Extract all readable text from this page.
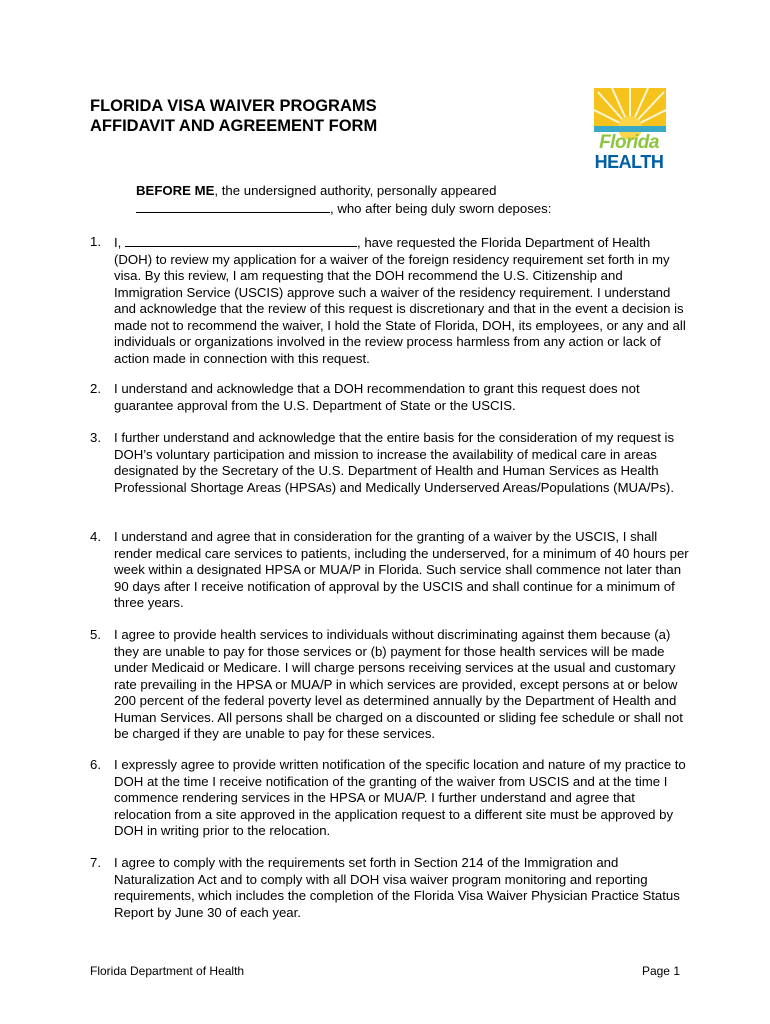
FLORIDA VISA WAIVER PROGRAMS
AFFIDAVIT AND AGREEMENT FORM
Florida
HEALTH
BEFORE ME, the undersigned authority, personally appeared
, who after being duly sworn deposes:
1. I,	, have requested the Florida Department of Health (DOH) to review my application for a waiver of the foreign residency requirement set forth in my visa. By this review, I am requesting that the DOH recommend the U.S. Citizenship and Immigration Service (USCIS) approve such a waiver of the residency requirement. I understand and acknowledge that the review of this request is discretionary and that in the event a decision is made not to recommend the waiver, I hold the State of Florida, DOH, its employees, or any and all individuals or organizations involved in the review process harmless from any action or lack of action made in connection with this request.
2. I understand and acknowledge that a DOH recommendation to grant this request does not guarantee approval from the U.S. Department of State or the USCIS.
3. I further understand and acknowledge that the entire basis for the consideration of my request is DOH’s voluntary participation and mission to increase the availability of medical care in areas designated by the Secretary of the U.S. Department of Health and Human Services as Health Professional Shortage Areas (HPSAs) and Medically Underserved Areas/Populations (MUA/Ps).
4. I understand and agree that in consideration for the granting of a waiver by the USCIS, I shall render medical care services to patients, including the underserved, for a minimum of 40 hours per week within a designated HPSA or MUA/P in Florida. Such service shall commence not later than 90 days after I receive notification of approval by the USCIS and shall continue for a minimum of three years.
5. I agree to provide health services to individuals without discriminating against them because (a) they are unable to pay for those services or (b) payment for those health services will be made under Medicaid or Medicare. I will charge persons receiving services at the usual and customary rate prevailing in the HPSA or MUA/P in which services are provided, except persons at or below 200 percent of the federal poverty level as determined annually by the Department of Health and Human Services. All persons shall be charged on a discounted or sliding fee schedule or shall not be charged if they are unable to pay for these services.
6. I expressly agree to provide written notification of the specific location and nature of my practice to DOH at the time I receive notification of the granting of the waiver from USCIS and at the time I commence rendering services in the HPSA or MUA/P. I further understand and agree that relocation from a site approved in the application request to a different site must be approved by DOH in writing prior to the relocation.
7. I agree to comply with the requirements set forth in Section 214 of the Immigration and Naturalization Act and to comply with all DOH visa waiver program monitoring and reporting requirements, which includes the completion of the Florida Visa Waiver Physician Practice Status Report by June 30 of each year.
Florida Department of Health	Page 1
